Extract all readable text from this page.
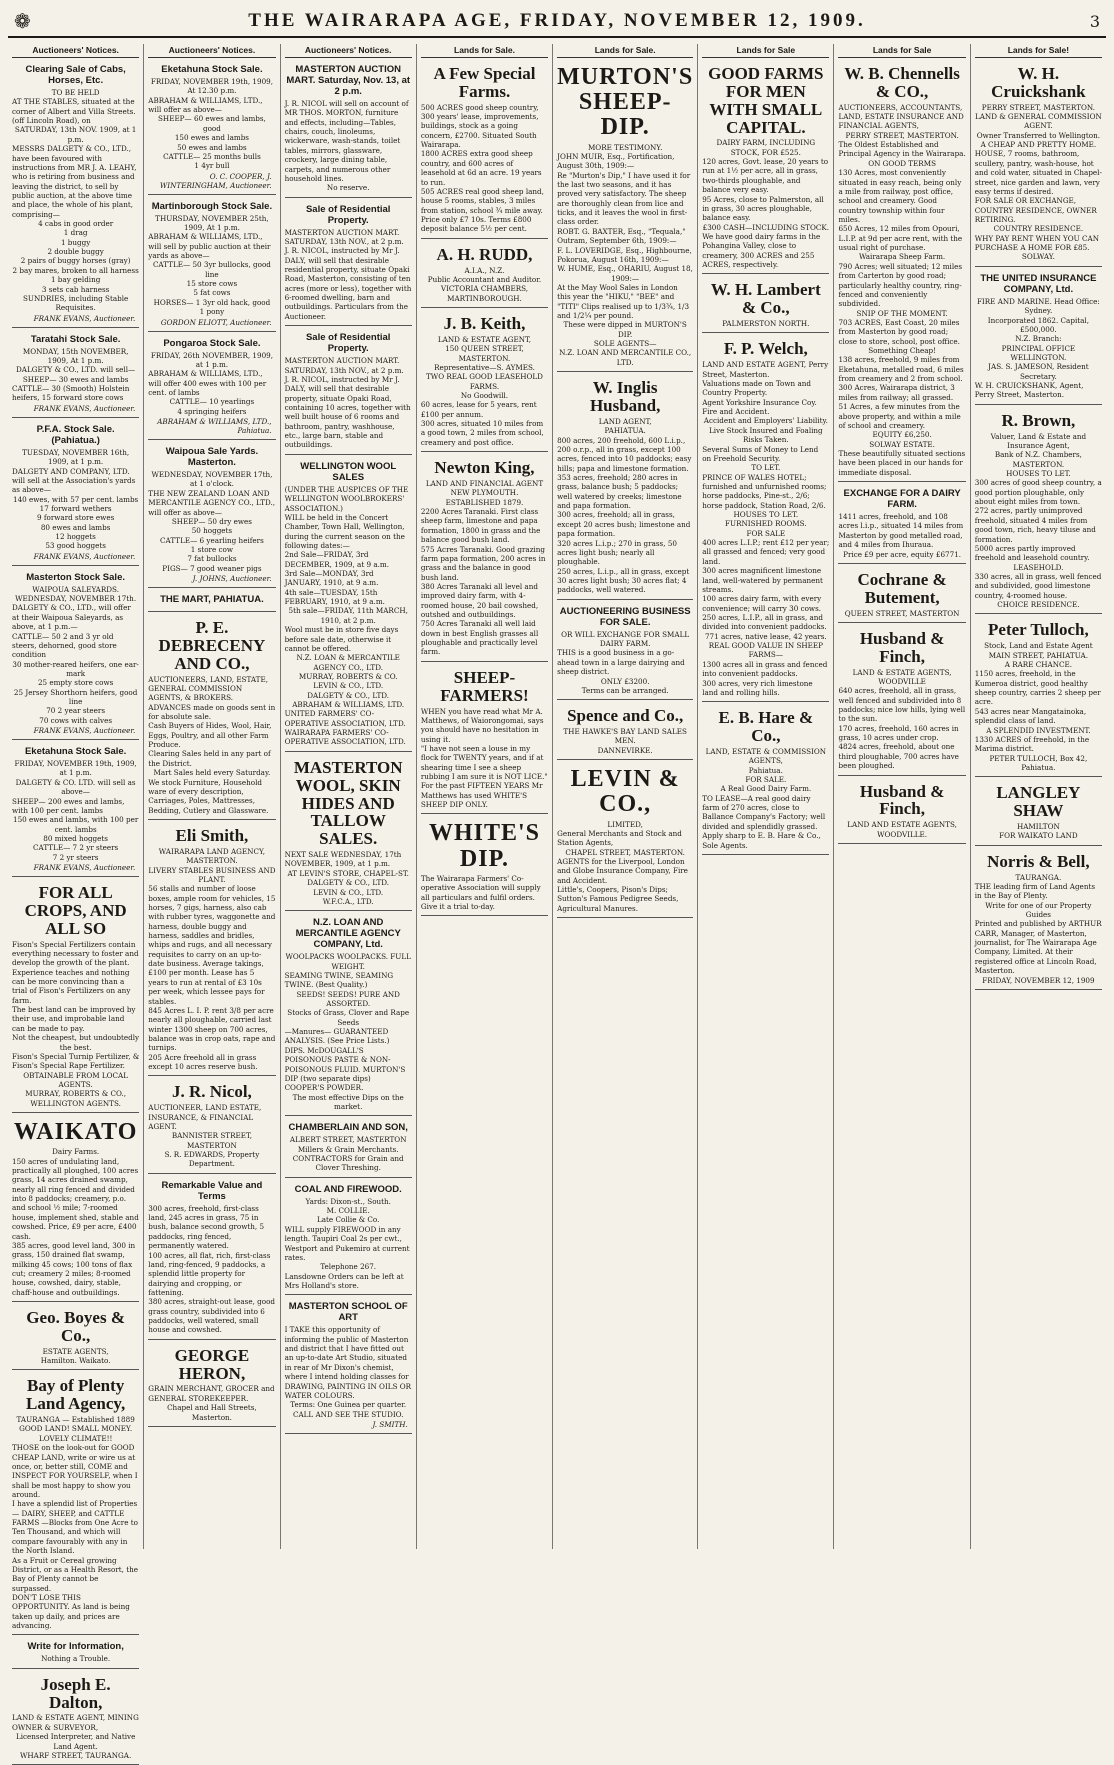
❁	THE WAIRARAPA AGE, FRIDAY, NOVEMBER 12, 1909.	3
Auctioneers' Notices.
Clearing Sale of Cabs, Horses, Etc.

TO BE HELD

AT THE STABLES, situated at the corner of Albert and Villa Streets. (off Lincoln Road), on

SATURDAY, 13th NOV. 1909, at 1 p.m.

MESSRS DALGETY & CO., LTD., have been favoured with instructions from MR J. A. LEAHY, who is retiring from business and leaving the district, to sell by public auction, at the above time and place, the whole of his plant, comprising—

4 cabs in good order

1 drag

1 buggy

2 double buggy

2 pairs of buggy horses (gray)

2 bay mares, broken to all harness

1 bay gelding

3 sets cab harness

SUNDRIES, including Stable Requisites.

FRANK EVANS, Auctioneer.

Taratahi Stock Sale.

MONDAY, 15th NOVEMBER, 1909, At 1 p.m.

DALGETY & CO., LTD. will sell—

SHEEP— 30 ewes and lambs

CATTLE— 30 (Smooth) Holstein heifers, 15 forward store cows

FRANK EVANS, Auctioneer.

P.F.A. Stock Sale. (Pahiatua.)

TUESDAY, NOVEMBER 16th, 1909, at 1 p.m.

DALGETY AND COMPANY, LTD. will sell at the Association's yards as above—

140 ewes, with 57 per cent. lambs

17 forward wethers

9 forward store ewes

80 ewes and lambs

12 hoggets

53 good hoggets

FRANK EVANS, Auctioneer.

Masterton Stock Sale.

WAIPOUA SALEYARDS.

WEDNESDAY, NOVEMBER 17th.

DALGETY & CO., LTD., will offer at their Waipoua Saleyards, as above, at 1 p.m.—

CATTLE— 50 2 and 3 yr old steers, dehorned, good store condition

30 mother-reared heifers, one ear-mark

25 empty store cows

25 Jersey Shorthorn heifers, good line

70 2 year steers

70 cows with calves

FRANK EVANS, Auctioneer.

Eketahuna Stock Sale.

FRIDAY, NOVEMBER 19th, 1909, at 1 p.m.

DALGETY & CO. LTD. will sell as above—

SHEEP— 200 ewes and lambs, with 100 per cent. lambs

150 ewes and lambs, with 100 per cent. lambs

80 mixed hoggets

CATTLE— 7 2 yr steers

7 2 yr steers

FRANK EVANS, Auctioneer.

FOR ALL CROPS, AND ALL SO

Fison's Special Fertilizers contain everything necessary to foster and develop the growth of the plant.

Experience teaches and nothing can be more convincing than a trial of Fison's Fertilizers on any farm.

The best land can be improved by their use, and improbable land can be made to pay.

Not the cheapest, but undoubtedly the best.

Fison's Special Turnip Fertilizer, & Fison's Special Rape Fertilizer.

OBTAINABLE FROM LOCAL AGENTS.

MURRAY, ROBERTS & CO., WELLINGTON AGENTS.

WAIKATO

Dairy Farms.

150 acres of undulating land, practically all ploughed, 100 acres grass, 14 acres drained swamp, nearly all ring fenced and divided into 8 paddocks; creamery, p.o. and school ½ mile; 7-roomed house, implement shed, stable and cowshed. Price, £9 per acre, £400 cash.

385 acres, good level land, 300 in grass, 150 drained flat swamp, milking 45 cows; 100 tons of flax cut; creamery 2 miles; 8-roomed house, cowshed, dairy, stable, chaff-house and outbuildings.

Geo. Boyes & Co.,

ESTATE AGENTS,

Hamilton. Waikato.

Bay of Plenty Land Agency,

TAURANGA — Established 1889

GOOD LAND! SMALL MONEY. LOVELY CLIMATE!!

THOSE on the look-out for GOOD CHEAP LAND, write or wire us at once, or, better still, COME and INSPECT FOR YOURSELF, when I shall be most happy to show you around.

I have a splendid list of Properties— DAIRY, SHEEP, and CATTLE FARMS —Blocks from One Acre to Ten Thousand, and which will compare favourably with any in the North Island.

As a Fruit or Cereal growing District, or as a Health Resort, the Bay of Plenty cannot be surpassed.

DON'T LOSE THIS OPPORTUNITY. As land is being taken up daily, and prices are advancing.

Write for Information,

Nothing a Trouble.

Joseph E. Dalton,

LAND & ESTATE AGENT, MINING OWNER & SURVEYOR,

Licensed Interpreter, and Native Land Agent.

WHARF STREET, TAURANGA.

Auctioneers' Notices.
Eketahuna Stock Sale.

FRIDAY, NOVEMBER 19th, 1909, At 12.30 p.m.

ABRAHAM & WILLIAMS, LTD., will offer as above—

SHEEP— 60 ewes and lambs, good

150 ewes and lambs

50 ewes and lambs

CATTLE— 25 months bulls

1 4yr bull

O. C. COOPER, J. WINTERINGHAM, Auctioneer.

Martinborough Stock Sale.

THURSDAY, NOVEMBER 25th, 1909, At 1 p.m.

ABRAHAM & WILLIAMS, LTD., will sell by public auction at their yards as above—

CATTLE— 50 3yr bullocks, good line

15 store cows

5 fat cows

HORSES— 1 3yr old hack, good

1 pony

GORDON ELIOTT, Auctioneer.

Pongaroa Stock Sale.

FRIDAY, 26th NOVEMBER, 1909, at 1 p.m.

ABRAHAM & WILLIAMS, LTD., will offer 400 ewes with 100 per cent. of lambs

CATTLE— 10 yearlings

4 springing heifers

ABRAHAM & WILLIAMS, LTD., Pahiatua.

Waipoua Sale Yards. Masterton.

WEDNESDAY, NOVEMBER 17th, at 1 o'clock.

THE NEW ZEALAND LOAN AND MERCANTILE AGENCY CO., LTD., will offer as above—

SHEEP— 50 dry ewes

50 hoggets

CATTLE— 6 yearling heifers

1 store cow

7 fat bullocks

PIGS— 7 good weaner pigs

J. JOHNS, Auctioneer.

THE MART, PAHIATUA.
P. E. DEBRECENY AND CO.,

AUCTIONEERS, LAND, ESTATE, GENERAL COMMISSION AGENTS, & BROKERS.

ADVANCES made on goods sent in for absolute sale.

Cash Buyers of Hides, Wool, Hair, Eggs, Poultry, and all other Farm Produce.

Clearing Sales held in any part of the District.

Mart Sales held every Saturday.

We stock Furniture, Household ware of every description, Carriages, Poles, Mattresses, Bedding, Cutlery and Glassware.

Eli Smith,

WAIRARAPA LAND AGENCY, MASTERTON.

LIVERY STABLES BUSINESS AND PLANT.

56 stalls and number of loose boxes, ample room for vehicles, 15 horses, 7 gigs, harness, also cab with rubber tyres, waggonette and harness, double buggy and harness, saddles and bridles, whips and rugs, and all necessary requisites to carry on an up-to-date business. Average takings, £100 per month. Lease has 5 years to run at rental of £3 10s per week, which lessee pays for stables.

845 Acres L. I. P. rent 3/8 per acre nearly all ploughable, carried last winter 1300 sheep on 700 acres, balance was in crop oats, rape and turnips.

205 Acre freehold all in grass except 10 acres reserve bush.

J. R. Nicol,

AUCTIONEER, LAND ESTATE, INSURANCE, & FINANCIAL AGENT.

BANNISTER STREET, MASTERTON

S. R. EDWARDS, Property Department.

Remarkable Value and Terms

300 acres, freehold, first-class land, 245 acres in grass, 75 in bush, balance second growth, 5 paddocks, ring fenced, permanently watered.

100 acres, all flat, rich, first-class land, ring-fenced, 9 paddocks, a splendid little property for dairying and cropping, or fattening.

380 acres, straight-out lease, good grass country, subdivided into 6 paddocks, well watered, small house and cowshed.

GEORGE HERON,

GRAIN MERCHANT, GROCER and GENERAL STOREKEEPER.

Chapel and Hall Streets, Masterton.

Auctioneers' Notices.
MASTERTON AUCTION MART. Saturday, Nov. 13, at 2 p.m.

J. R. NICOL will sell on account of MR THOS. MORTON, furniture and effects, including—Tables, chairs, couch, linoleums, wickerware, wash-stands, toilet tables, mirrors, glassware, crockery, large dining table, carpets, and numerous other household lines.

No reserve.

Sale of Residential Property.

MASTERTON AUCTION MART. SATURDAY, 13th NOV., at 2 p.m.

J. R. NICOL, instructed by Mr J. DALY, will sell that desirable residential property, situate Opaki Road, Masterton, consisting of ten acres (more or less), together with 6-roomed dwelling, barn and outbuildings. Particulars from the Auctioneer.

Sale of Residential Property.

MASTERTON AUCTION MART. SATURDAY, 13th NOV., at 2 p.m.

J. R. NICOL, instructed by Mr J. DALY, will sell that desirable property, situate Opaki Road, containing 10 acres, together with well built house of 6 rooms and bathroom, pantry, washhouse, etc., large barn, stable and outbuildings.

WELLINGTON WOOL SALES

(UNDER THE AUSPICES OF THE WELLINGTON WOOLBROKERS' ASSOCIATION.)

WILL be held in the Concert Chamber, Town Hall, Wellington, during the current season on the following dates:—

2nd Sale—FRIDAY, 3rd DECEMBER, 1909, at 9 a.m.

3rd Sale—MONDAY, 3rd JANUARY, 1910, at 9 a.m.

4th sale—TUESDAY, 15th FEBRUARY, 1910, at 9 a.m.

5th sale—FRIDAY, 11th MARCH, 1910, at 2 p.m.

Wool must be in store five days before sale date, otherwise it cannot be offered.

N.Z. LOAN & MERCANTILE AGENCY CO., LTD.

MURRAY, ROBERTS & CO.

LEVIN & CO., LTD.

DALGETY & CO., LTD.

ABRAHAM & WILLIAMS, LTD.

UNITED FARMERS' CO-OPERATIVE ASSOCIATION, LTD.

WAIRARAPA FARMERS' CO-OPERATIVE ASSOCIATION, LTD.

MASTERTON WOOL, SKIN HIDES AND TALLOW SALES.

NEXT SALE WEDNESDAY, 17th NOVEMBER, 1909, at 1 p.m.

AT LEVIN'S STORE, CHAPEL-ST.

DALGETY & CO., LTD.

LEVIN & CO., LTD.

W.F.C.A., LTD.

N.Z. LOAN AND MERCANTILE AGENCY COMPANY, Ltd.

WOOLPACKS WOOLPACKS. FULL WEIGHT.

SEAMING TWINE, SEAMING TWINE. (Best Quality.)

SEEDS! SEEDS! PURE AND ASSORTED.

Stocks of Grass, Clover and Rape Seeds

—Manures— GUARANTEED ANALYSIS. (See Price Lists.)

DIPS. McDOUGALL'S POISONOUS PASTE & NON-POISONOUS FLUID. MURTON'S DIP (two separate dips) COOPER'S POWDER.

The most effective Dips on the market.

CHAMBERLAIN AND SON,

ALBERT STREET, MASTERTON

Millers & Grain Merchants.

CONTRACTORS for Grain and Clover Threshing.

COAL AND FIREWOOD.

Yards: Dixon-st., South.

M. COLLIE.

Late Collie & Co.

WILL supply FIREWOOD in any length. Taupiri Coal 2s per cwt., Westport and Pukemiro at current rates.

Telephone 267.

Lansdowne Orders can be left at Mrs Holland's store.

MASTERTON SCHOOL OF ART

I TAKE this opportunity of informing the public of Masterton and district that I have fitted out an up-to-date Art Studio, situated in rear of Mr Dixon's chemist, where I intend holding classes for DRAWING, PAINTING IN OILS OR WATER COLOURS.

Terms: One Guinea per quarter.

CALL AND SEE THE STUDIO.

J. SMITH.

Lands for Sale.
A Few Special Farms.

500 ACRES good sheep country, 300 years' lease, improvements, buildings, stock as a going concern, £2700. Situated South Wairarapa.

1800 ACRES extra good sheep country, and 600 acres of leasehold at 6d an acre. 19 years to run.

505 ACRES real good sheep land, house 5 rooms, stables, 3 miles from station, school ¾ mile away. Price only £7 10s. Terms £800 deposit balance 5½ per cent.

A. H. RUDD,

A.I.A., N.Z.

Public Accountant and Auditor.

VICTORIA CHAMBERS, MARTINBOROUGH.

J. B. Keith,

LAND & ESTATE AGENT,

150 QUEEN STREET, MASTERTON.

Representative—S. AYMES.

TWO REAL GOOD LEASEHOLD FARMS.

No Goodwill.

60 acres, lease for 5 years, rent £100 per annum.

300 acres, situated 10 miles from a good town, 2 miles from school, creamery and post office.

Newton King,

LAND AND FINANCIAL AGENT

NEW PLYMOUTH.

ESTABLISHED 1879.

2200 Acres Taranaki. First class sheep farm, limestone and papa formation, 1800 in grass and the balance good bush land.

575 Acres Taranaki. Good grazing farm papa formation, 200 acres in grass and the balance in good bush land.

380 Acres Taranaki all level and improved dairy farm, with 4-roomed house, 20 bail cowshed, outshed and outbuildings.

750 Acres Taranaki all well laid down in best English grasses all ploughable and practically level farm.

SHEEP-FARMERS!

WHEN you have read what Mr A. Matthews, of Waiorongomai, says you should have no hesitation in using it.

"I have not seen a louse in my flock for TWENTY years, and if at shearing time I see a sheep rubbing I am sure it is NOT LICE."

For the past FIFTEEN YEARS Mr Matthews has used WHITE'S SHEEP DIP ONLY.

WHITE'S DIP.

The Wairarapa Farmers' Co-operative Association will supply all particulars and fulfil orders. Give it a trial to-day.

Lands for Sale.
MURTON'S SHEEP-DIP.

MORE TESTIMONY.

JOHN MUIR, Esq., Fortification, August 30th, 1909:—

Re "Murton's Dip," I have used it for the last two seasons, and it has proved very satisfactory. The sheep are thoroughly clean from lice and ticks, and it leaves the wool in first-class order.

ROBT. G. BAXTER, Esq., "Tequala," Outram, September 6th, 1909:—

F. L. LOVERIDGE, Esq., Highbourne, Pokorua, August 16th, 1909:—

W. HUME, Esq., OHARIU, August 18, 1909:—

At the May Wool Sales in London this year the "HIKU," "BEE" and "TITI" Clips realised up to 1/3¾, 1/3 and 1/2¼ per pound.

These were dipped in MURTON'S DIP.

SOLE AGENTS—

N.Z. LOAN AND MERCANTILE CO., LTD.

W. Inglis Husband,

LAND AGENT,

PAHIATUA.

800 acres, 200 freehold, 600 L.i.p., 200 o.r.p., all in grass, except 100 acres, fenced into 10 paddocks; easy hills; papa and limestone formation.

353 acres, freehold; 280 acres in grass, balance bush; 5 paddocks; well watered by creeks; limestone and papa formation.

300 acres, freehold; all in grass, except 20 acres bush; limestone and papa formation.

320 acres L.i.p.; 270 in grass, 50 acres light bush; nearly all ploughable.

250 acres, L.i.p., all in grass, except 30 acres light bush; 30 acres flat; 4 paddocks, well watered.

AUCTIONEERING BUSINESS FOR SALE.

OR WILL EXCHANGE FOR SMALL DAIRY FARM.

THIS is a good business in a go-ahead town in a large dairying and sheep district.

ONLY £3200.

Terms can be arranged.

Spence and Co.,

THE HAWKE'S BAY LAND SALES MEN.

DANNEVIRKE.

LEVIN & CO.,

LIMITED,

General Merchants and Stock and Station Agents,

CHAPEL STREET, MASTERTON.

AGENTS for the Liverpool, London and Globe Insurance Company, Fire and Accident.

Little's, Coopers, Pison's Dips; Sutton's Famous Pedigree Seeds, Agricultural Manures.

Lands for Sale
GOOD FARMS FOR MEN WITH SMALL CAPITAL.

DAIRY FARM, INCLUDING STOCK, FOR £525.

120 acres, Govt. lease, 20 years to run at 1½ per acre, all in grass, two-thirds ploughable, and balance very easy.

95 Acres, close to Palmerston, all in grass, 30 acres ploughable, balance easy.

£300 CASH—INCLUDING STOCK.

We have good dairy farms in the Pohangina Valley, close to creamery, 300 ACRES and 255 ACRES, respectively.

W. H. Lambert & Co.,

PALMERSTON NORTH.

F. P. Welch,

LAND AND ESTATE AGENT, Perry Street, Masterton.

Valuations made on Town and Country Property.

Agent Yorkshire Insurance Coy. Fire and Accident.

Accident and Employers' Liability.

Live Stock Insured and Foaling Risks Taken.

Several Sums of Money to Lend on Freehold Security.

TO LET.

PRINCE OF WALES HOTEL; furnished and unfurnished rooms; horse paddocks, Pine-st., 2/6; horse paddock, Station Road, 2/6.

HOUSES TO LET.

FURNISHED ROOMS.

FOR SALE

400 acres L.I.P.; rent £12 per year; all grassed and fenced; very good land.

300 acres magnificent limestone land, well-watered by permanent streams.

100 acres dairy farm, with every convenience; will carry 30 cows.

250 acres, L.I.P., all in grass, and divided into convenient paddocks.

771 acres, native lease, 42 years.

REAL GOOD VALUE IN SHEEP FARMS—

1300 acres all in grass and fenced into convenient paddocks.

300 acres, very rich limestone land and rolling hills.

E. B. Hare & Co.,

LAND, ESTATE & COMMISSION AGENTS,

Pahiatua.

FOR SALE.

A Real Good Dairy Farm.

TO LEASE—A real good dairy farm of 270 acres, close to Ballance Company's Factory; well divided and splendidly grassed.

Apply sharp to E. B. Hare & Co., Sole Agents.

Lands for Sale
W. B. Chennells & CO.,

AUCTIONEERS, ACCOUNTANTS, LAND, ESTATE INSURANCE AND FINANCIAL AGENTS,

PERRY STREET, MASTERTON.

The Oldest Established and Principal Agency in the Wairarapa.

ON GOOD TERMS

130 Acres, most conveniently situated in easy reach, being only a mile from railway, post office, school and creamery. Good country township within four miles.

650 Acres, 12 miles from Opouri, L.I.P. at 9d per acre rent, with the usual right of purchase.

Wairarapa Sheep Farm.

790 Acres; well situated; 12 miles from Carterton by good road; particularly healthy country, ring-fenced and conveniently subdivided.

SNIP OF THE MOMENT.

703 ACRES, East Coast, 20 miles from Masterton by good road; close to store, school, post office.

Something Cheap!

138 acres, freehold, 9 miles from Eketahuna, metalled road, 6 miles from creamery and 2 from school.

300 Acres, Wairarapa district, 3 miles from railway; all grassed.

51 Acres, a few minutes from the above property, and within a mile of school and creamery.

EQUITY £6,250.

SOLWAY ESTATE.

These beautifully situated sections have been placed in our hands for immediate disposal.

EXCHANGE FOR A DAIRY FARM.

1411 acres, freehold, and 108 acres l.i.p., situated 14 miles from Masterton by good metalled road, and 4 miles from Ihuraua.

Price £9 per acre, equity £6771.

Cochrane & Butement,

QUEEN STREET, MASTERTON

Husband & Finch,

LAND & ESTATE AGENTS, WOODVILLE

640 acres, freehold, all in grass, well fenced and subdivided into 8 paddocks; nice low hills, lying well to the sun.

170 acres, freehold, 160 acres in grass, 10 acres under crop.

4824 acres, freehold, about one third ploughable, 700 acres have been ploughed.

Husband & Finch,

LAND AND ESTATE AGENTS, WOODVILLE.

Lands for Sale!
W. H. Cruickshank

PERRY STREET, MASTERTON.

LAND & GENERAL COMMISSION AGENT.

Owner Transferred to Wellington.

A CHEAP AND PRETTY HOME.

HOUSE, 7 rooms, bathroom, scullery, pantry, wash-house, hot and cold water, situated in Chapel-street, nice garden and lawn, very easy terms if desired.

FOR SALE OR EXCHANGE, COUNTRY RESIDENCE, OWNER RETIRING.

COUNTRY RESIDENCE.

WHY PAY RENT WHEN YOU CAN PURCHASE A HOME FOR £85.

SOLWAY.

THE UNITED INSURANCE COMPANY, Ltd.

FIRE AND MARINE. Head Office: Sydney.

Incorporated 1862. Capital, £500,000.

N.Z. Branch:

PRINCIPAL OFFICE WELLINGTON.

JAS. S. JAMESON, Resident Secretary.

W. H. CRUICKSHANK, Agent, Perry Street, Masterton.

R. Brown,

Valuer, Land & Estate and Insurance Agent,

Bank of N.Z. Chambers,

MASTERTON.

HOUSES TO LET.

300 acres of good sheep country, a good portion ploughable, only about eight miles from town.

272 acres, partly unimproved freehold, situated 4 miles from good town, rich, heavy tiluse and formation.

5000 acres partly improved freehold and leasehold country.

LEASEHOLD.

330 acres, all in grass, well fenced and subdivided, good limestone country, 4-roomed house.

CHOICE RESIDENCE.

Peter Tulloch,

Stock, Land and Estate Agent

MAIN STREET, PAHIATUA.

A RARE CHANCE.

1150 acres, freehold, in the Kumeroa district, good healthy sheep country, carries 2 sheep per acre.

543 acres near Mangatainoka, splendid class of land.

A SPLENDID INVESTMENT.

1330 ACRES of freehold, in the Marima district.

PETER TULLOCH, Box 42, Pahiatua.

LANGLEY SHAW

HAMILTON

FOR WAIKATO LAND

Norris & Bell,

TAURANGA.

THE leading firm of Land Agents in the Bay of Plenty.

Write for one of our Property Guides

Printed and published by ARTHUR CARR, Manager, of Masterton, journalist, for The Wairarapa Age Company, Limited. At their registered office at Lincoln Road, Masterton.

FRIDAY, NOVEMBER 12, 1909
